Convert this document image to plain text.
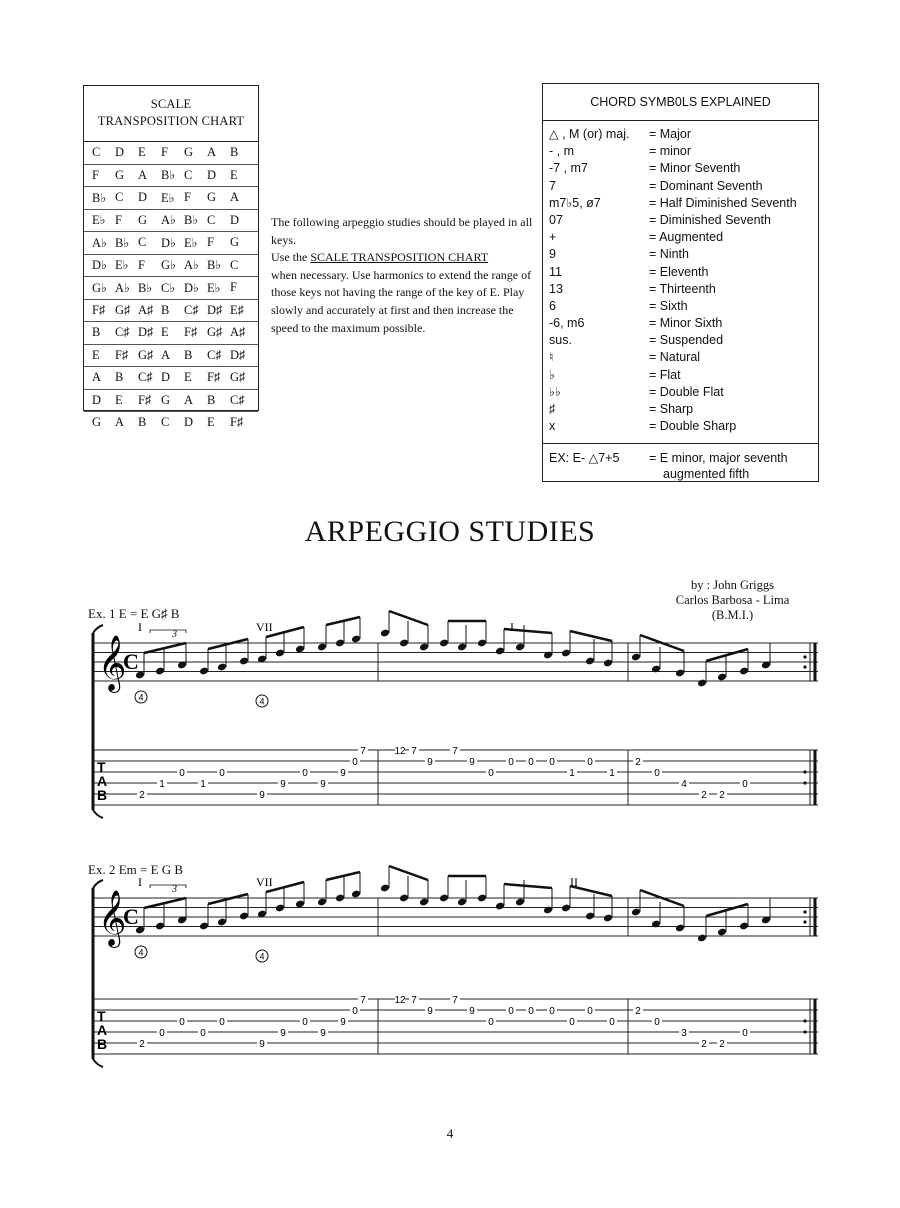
SCALE
TRANSPOSITION CHART
C	D	E	F	G	A	B
F	G	A	B♭ C	D	E
B♭ C	D	E♭ F	G	A
E♭ F	G	A♭ B♭ C	D
A♭ B♭ C	D♭ E♭ F	G
D♭ E♭ F	G♭ A♭ B♭ C
G♭ A♭ B♭ C♭ D♭ E♭ F
F♯ G♯ A♯ B	C♯ D♯ E♯
B	C♯ D♯ E	F♯ G♯ A♯
E	F♯ G♯ A	B	C♯ D♯
A	B	C♯ D	E	F♯ G♯
D	E	F♯ G	A	B	C♯
G	A	B	C	D	E	F♯

The following arpeggio studies should be played in all keys.

Use the SCALE TRANSPOSITION CHART

when necessary. Use harmonics to extend the range of those keys not having the range of the key of E. Play slowly and accurately at first and then increase the speed to the maximum possible.

CHORD SYMB0LS EXPLAINED
△ , M (or) maj.	= Major
- , m	= minor
-7 , m7	= Minor Seventh
7	= Dominant Seventh
m7♭5, ø7	= Half Diminished Seventh
07	= Diminished Seventh
+	= Augmented
9	= Ninth
11	= Eleventh
13	= Thirteenth
6	= Sixth
-6, m6	= Minor Sixth
sus.	= Suspended
♮	= Natural
♭	= Flat
♭♭	= Double Flat
♯	= Sharp
x	= Double Sharp
EX: E- △7+5	= E minor, major seventh
augmented fifth
ARPEGGIO STUDIES
by : John Griggs
Carlos Barbosa - Lima
(B.M.I.)
Ex. 1 E = E G♯ B
Ex. 2 Em = E G B
𝄞
C
T
A
B
I	VII	I
3
4	4
2
1
0
1
0
9
9
0
9
9
0
7	12 7
9
7
9
0
0 0 0
1
0
1
2
0
4
2 2
0
𝄞
C
T
A
B
I	VII	II
3
4	4
2
0
0
0
0
9
9
0
9
9
0
7	12 7
9
7
9
0
0 0 0
0
0
0
2
0
3
2 2
0
4
